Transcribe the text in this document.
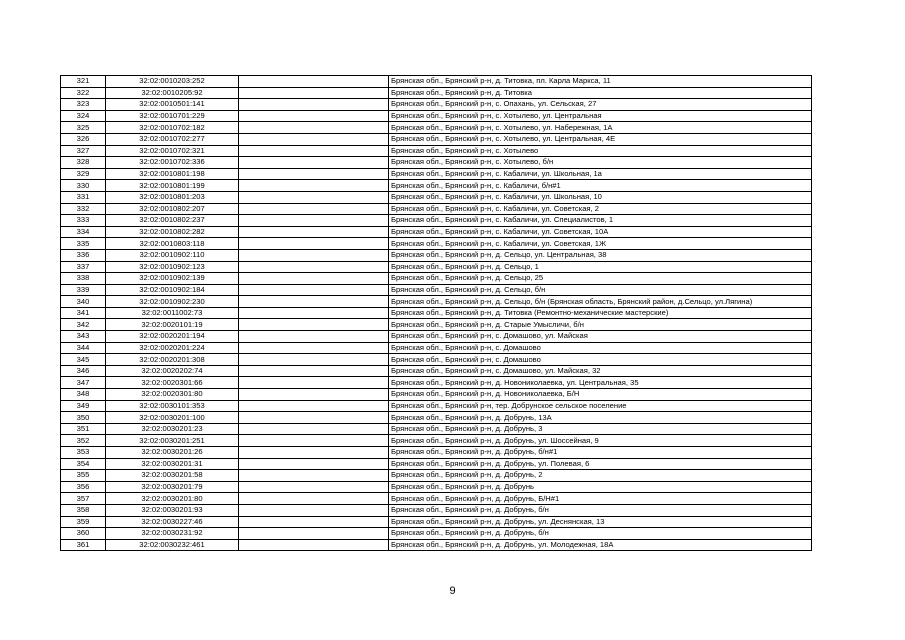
321	32:02:0010203:252		Брянская обл., Брянский р-н, д. Титовка, пл. Карла Маркса, 11
322	32:02:0010205:92		Брянская обл., Брянский р-н, д. Титовка
323	32:02:0010501:141		Брянская обл., Брянский р-н, с. Опахань, ул. Сельская, 27
324	32:02:0010701:229		Брянская обл., Брянский р-н, с. Хотылево, ул. Центральная
325	32:02:0010702:182		Брянская обл., Брянский р-н, с. Хотылево, ул. Набережная, 1А
326	32:02:0010702:277		Брянская обл., Брянский р-н, с. Хотылево, ул. Центральная, 4Е
327	32:02:0010702:321		Брянская обл., Брянский р-н, с. Хотылево
328	32:02:0010702:336		Брянская обл., Брянский р-н, с. Хотылево, б/н
329	32:02:0010801:198		Брянская обл., Брянский р-н, с. Кабаличи, ул. Школьная, 1а
330	32:02:0010801:199		Брянская обл., Брянский р-н, с. Кабаличи, б/н#1
331	32:02:0010801:203		Брянская обл., Брянский р-н, с. Кабаличи, ул. Школьная, 10
332	32:02:0010802:207		Брянская обл., Брянский р-н, с. Кабаличи, ул. Советская, 2
333	32:02:0010802:237		Брянская обл., Брянский р-н, с. Кабаличи, ул. Специалистов, 1
334	32:02:0010802:282		Брянская обл., Брянский р-н, с. Кабаличи, ул. Советская, 10А
335	32:02:0010803:118		Брянская обл., Брянский р-н, с. Кабаличи, ул. Советская, 1Ж
336	32:02:0010902:110		Брянская обл., Брянский р-н, д. Сельцо, ул. Центральная, 38
337	32:02:0010902:123		Брянская обл., Брянский р-н, д. Сельцо, 1
338	32:02:0010902:139		Брянская обл., Брянский р-н, д. Сельцо, 25
339	32:02:0010902:184		Брянская обл., Брянский р-н, д. Сельцо, б/н
340	32:02:0010902:230		Брянская обл., Брянский р-н, д. Сельцо, б/н (Брянская область, Брянский район, д.Сельцо, ул.Лягина)
341	32:02:0011002:73		Брянская обл., Брянский р-н, д. Титовка (Ремонтно-механические мастерские)
342	32:02:0020101:19		Брянская обл., Брянский р-н, д. Старые Умысличи, б/н
343	32:02:0020201:194		Брянская обл., Брянский р-н, с. Домашово, ул. Майская
344	32:02:0020201:224		Брянская обл., Брянский р-н, с. Домашово
345	32:02:0020201:308		Брянская обл., Брянский р-н, с. Домашово
346	32:02:0020202:74		Брянская обл., Брянский р-н, с. Домашово, ул. Майская, 32
347	32:02:0020301:66		Брянская обл., Брянский р-н, д. Новониколаевка, ул. Центральная, 35
348	32:02:0020301:80		Брянская обл., Брянский р-н, д. Новониколаевка, Б/Н
349	32:02:0030101:353		Брянская обл., Брянский р-н, тер. Добрунское сельское поселение
350	32:02:0030201:100		Брянская обл., Брянский р-н, д. Добрунь, 13А
351	32:02:0030201:23		Брянская обл., Брянский р-н, д. Добрунь, 3
352	32:02:0030201:251		Брянская обл., Брянский р-н, д. Добрунь, ул. Шоссейная, 9
353	32:02:0030201:26		Брянская обл., Брянский р-н, д. Добрунь, б/н#1
354	32:02:0030201:31		Брянская обл., Брянский р-н, д. Добрунь, ул. Полевая, 6
355	32:02:0030201:58		Брянская обл., Брянский р-н, д. Добрунь, 2
356	32:02:0030201:79		Брянская обл., Брянский р-н, д. Добрунь
357	32:02:0030201:80		Брянская обл., Брянский р-н, д. Добрунь, Б/Н#1
358	32:02:0030201:93		Брянская обл., Брянский р-н, д. Добрунь, б/н
359	32:02:0030227:46		Брянская обл., Брянский р-н, д. Добрунь, ул. Деснянская, 13
360	32:02:0030231:92		Брянская обл., Брянский р-н, д. Добрунь, б/н
361	32:02:0030232:461		Брянская обл., Брянский р-н, д. Добрунь, ул. Молодежная, 18А
9
